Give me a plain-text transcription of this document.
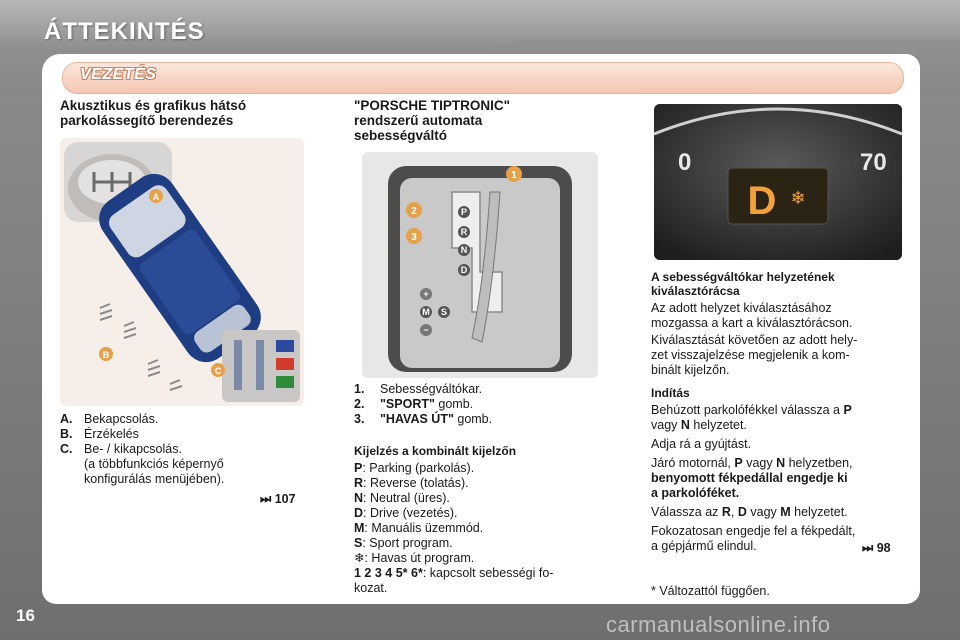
ÁTTEKINTÉS
VEZETÉS
Akusztikus és grafikus hátsó
parkolássegítő berendezés
A
B
C
A. Bekapcsolás.
B. Érzékelés
C. Be- / kikapcsolás.
(a többfunkciós képernyő
konfigurálás menüjében).
⏭ 107
"PORSCHE TIPTRONIC"
rendszerű automata
sebességváltó
P
R
N
D
M S
+
−
1
2
3
1. Sebességváltókar.
2. "SPORT" gomb.
3. "HAVAS ÚT" gomb.
Kijelzés a kombinált kijelzőn
P: Parking (parkolás).
R: Reverse (tolatás).
N: Neutral (üres).
D: Drive (vezetés).
M: Manuális üzemmód.
S: Sport program.
❄: Havas út program.
1 2 3 4 5* 6*: kapcsolt sebességi fo-
kozat.
0	70
D ❄
A sebességváltókar helyzetének
kiválasztórácsa
Az adott helyzet kiválasztásához
mozgassa a kart a kiválasztórácson.
Kiválasztását követően az adott hely-
zet visszajelzése megjelenik a kom-
binált kijelzőn.
Indítás
Behúzott parkolófékkel válassza a P
vagy N helyzetet.
Adja rá a gyújtást.
Járó motornál, P vagy N helyzetben,
benyomott fékpedállal engedje ki
a parkolóféket.
Válassza az R, D vagy M helyzetet.
Fokozatosan engedje fel a fékpedált,
a gépjármű elindul.	⏭ 98
* Változattól függően.
16	carmanualsonline.info
